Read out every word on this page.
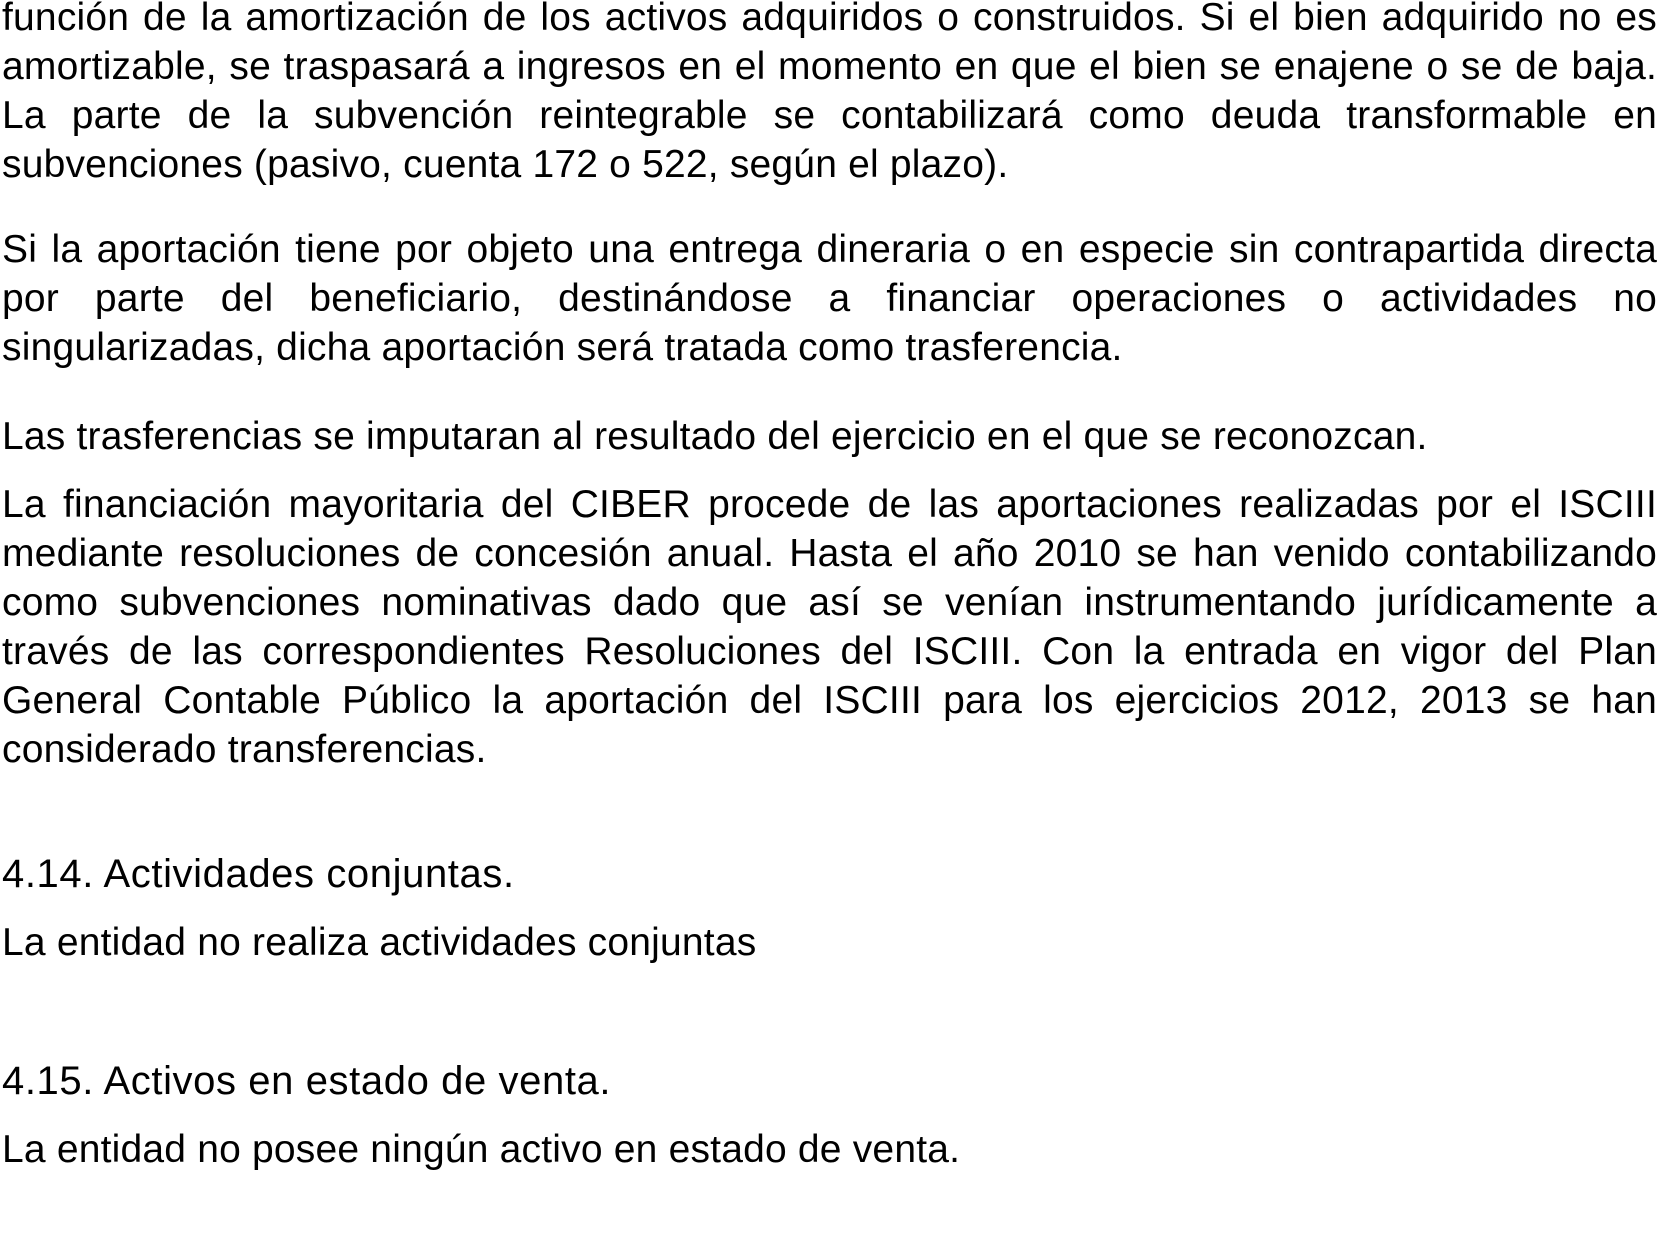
función de la amortización de los activos adquiridos o construidos. Si el bien adquirido no es amortizable, se traspasará a ingresos en el momento en que el bien se enajene o se de baja. La parte de la subvención reintegrable se contabilizará como deuda transformable en subvenciones (pasivo, cuenta 172 o 522, según el plazo).

Si la aportación tiene por objeto una entrega dineraria o en especie sin contrapartida directa por parte del beneficiario, destinándose a financiar operaciones o actividades no singularizadas, dicha aportación será tratada como trasferencia.

Las trasferencias se imputaran al resultado del ejercicio en el que se reconozcan.

La financiación mayoritaria del CIBER procede de las aportaciones realizadas por el ISCIII mediante resoluciones de concesión anual. Hasta el año 2010 se han venido contabilizando como subvenciones nominativas dado que así se venían instrumentando jurídicamente a través de las correspondientes Resoluciones del ISCIII. Con la entrada en vigor del Plan General Contable Público la aportación del ISCIII para los ejercicios 2012, 2013 se han considerado transferencias.

4.14. Actividades conjuntas.

La entidad no realiza actividades conjuntas

4.15. Activos en estado de venta.

La entidad no posee ningún activo en estado de venta.
